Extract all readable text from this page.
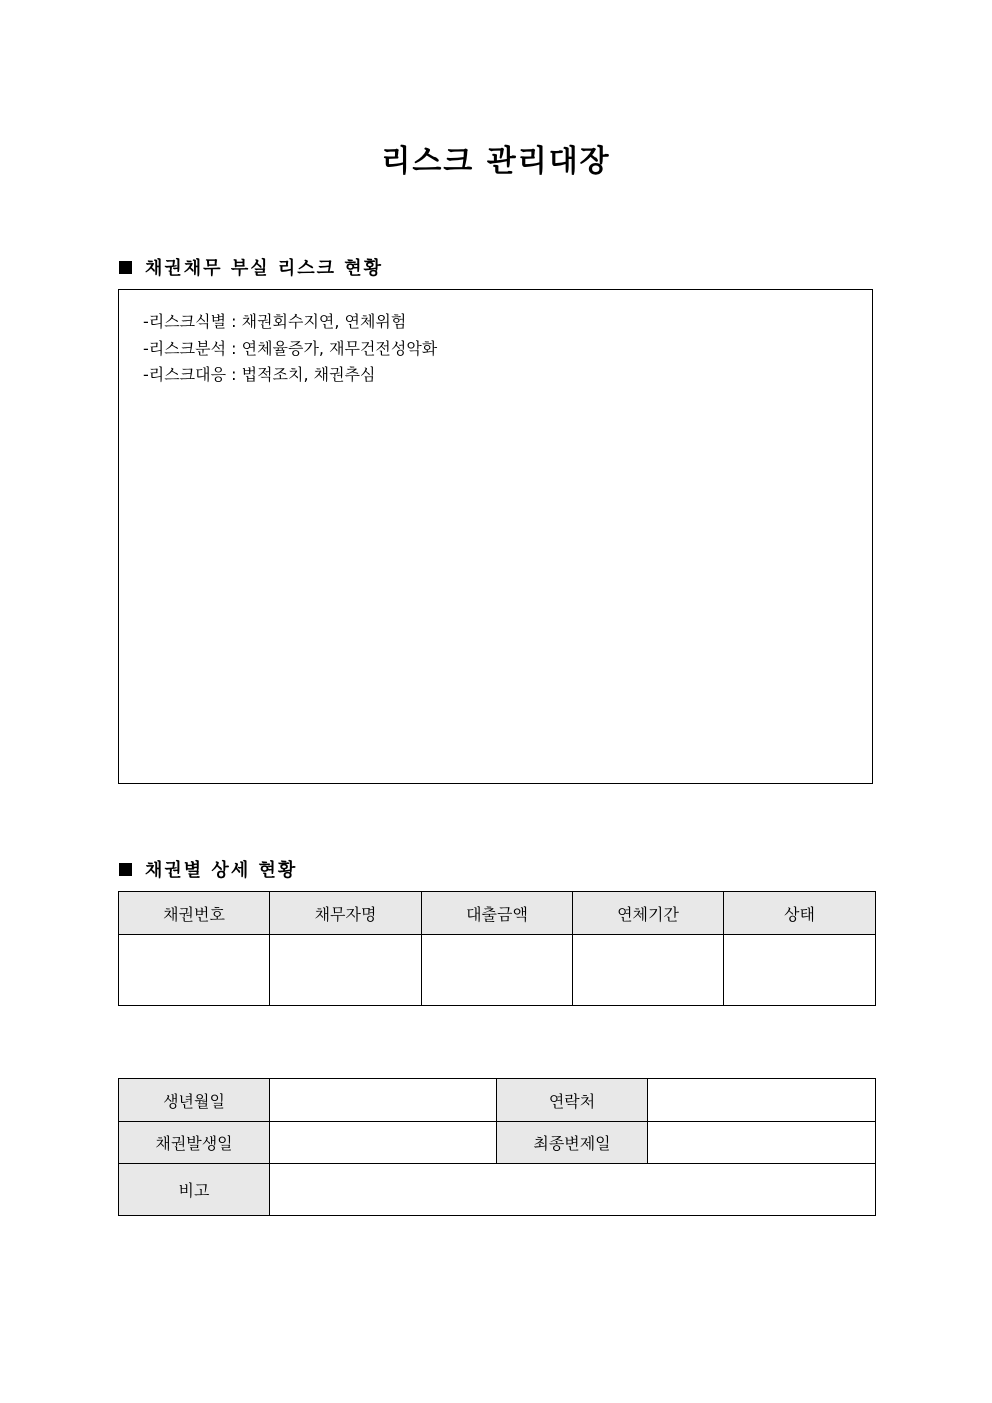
리스크 관리대장
채권채무 부실 리스크 현황
-리스크식별 : 채권회수지연, 연체위험
-리스크분석 : 연체율증가, 재무건전성악화
-리스크대응 : 법적조치, 채권추심
채권별 상세 현황
채권번호	채무자명	대출금액	연체기간	상태

생년월일		연락처	
채권발생일		최종변제일	
비고			
